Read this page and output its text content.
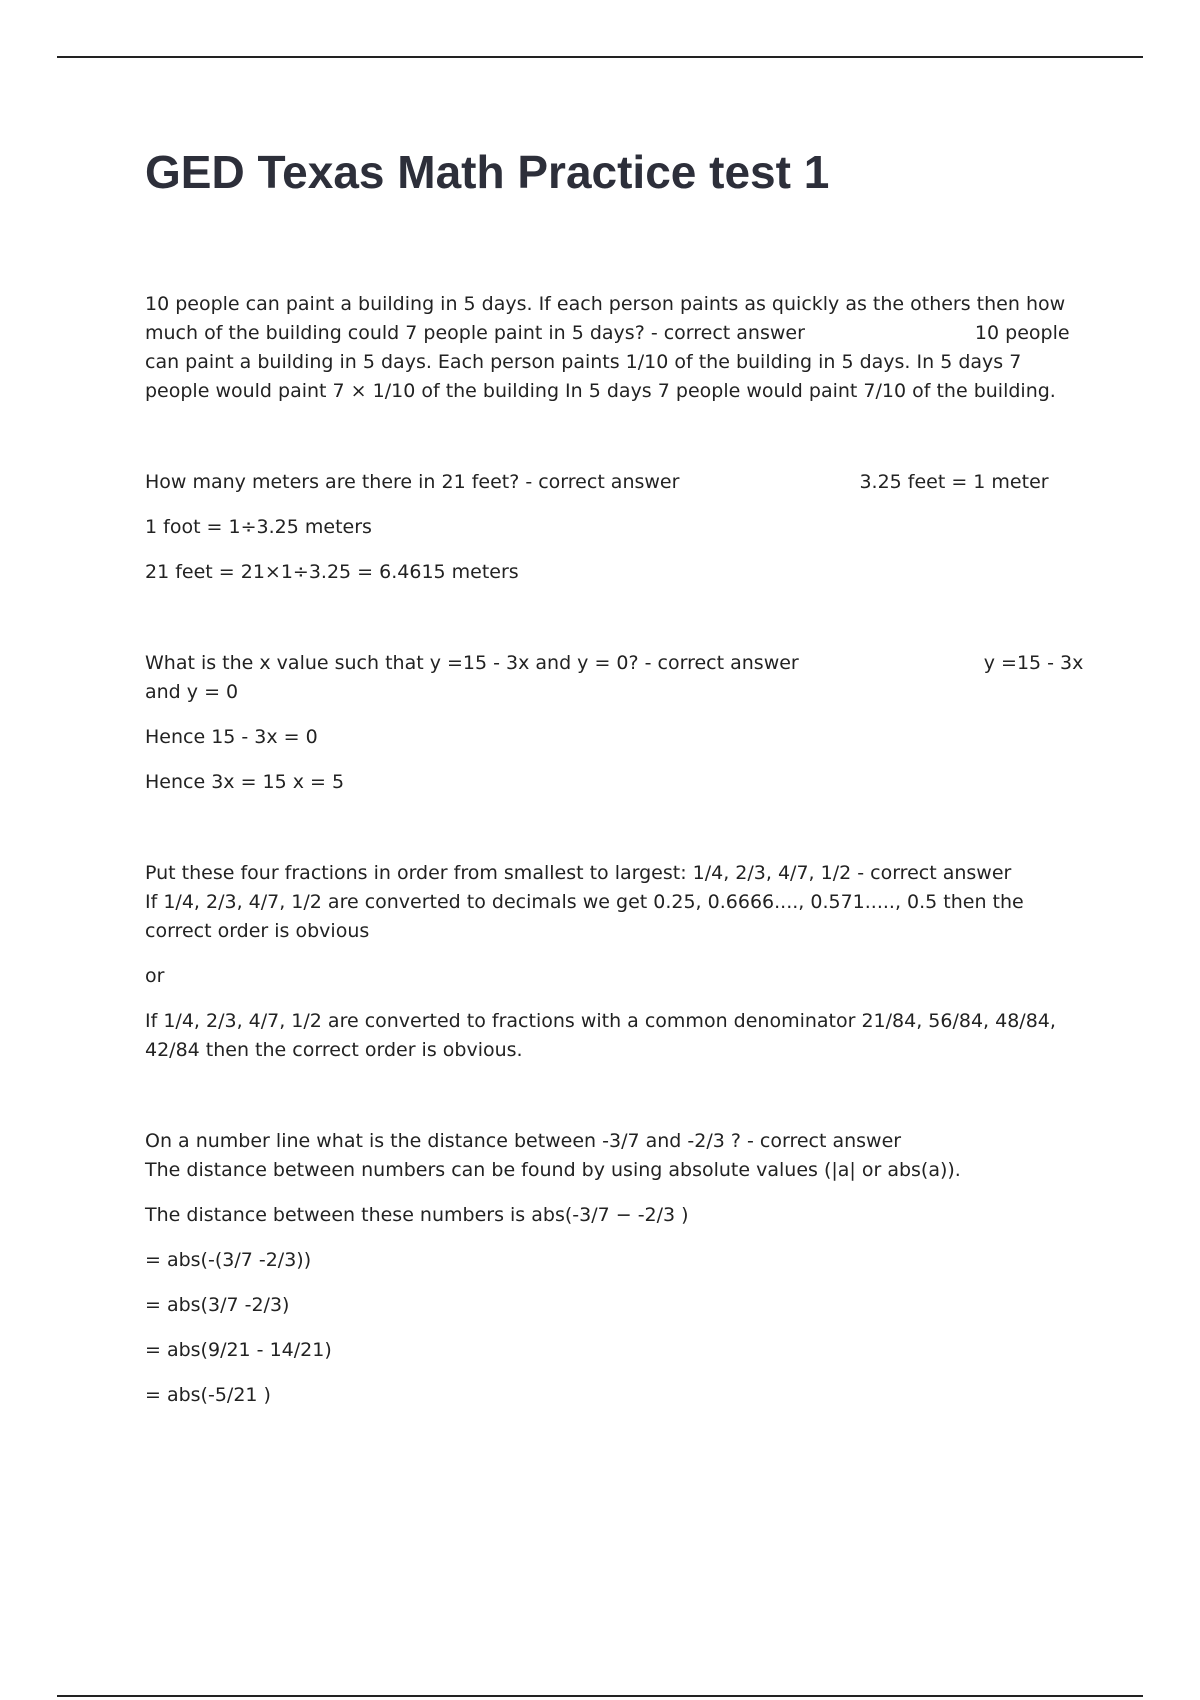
GED Texas Math Practice test 1

10 people can paint a building in 5 days. If each person paints as quickly as the others then how much of the building could 7 people paint in 5 days? - correct answer	10 people can paint a building in 5 days. Each person paints 1/10 of the building in 5 days. In 5 days 7 people would paint 7 × 1/10 of the building In 5 days 7 people would paint 7/10 of the building.

How many meters are there in 21 feet? - correct answer	3.25 feet = 1 meter

1 foot = 1÷3.25 meters

21 feet = 21×1÷3.25 = 6.4615 meters

What is the x value such that y =15 - 3x and y = 0? - correct answer	y =15 - 3x and y = 0

Hence 15 - 3x = 0

Hence 3x = 15 x = 5

Put these four fractions in order from smallest to largest: 1/4, 2/3, 4/7, 1/2 - correct answer
If 1/4, 2/3, 4/7, 1/2 are converted to decimals we get 0.25, 0.6666...., 0.571....., 0.5 then the correct order is obvious

or

If 1/4, 2/3, 4/7, 1/2 are converted to fractions with a common denominator 21/84, 56/84, 48/84, 42/84 then the correct order is obvious.

On a number line what is the distance between -3/7 and -2/3 ? - correct answerThe distance between numbers can be found by using absolute values (|a| or abs(a)).

The distance between these numbers is abs(-3/7 − -2/3 )

= abs(-(3/7 -2/3))

= abs(3/7 -2/3)

= abs(9/21 - 14/21)

= abs(-5/21 )
